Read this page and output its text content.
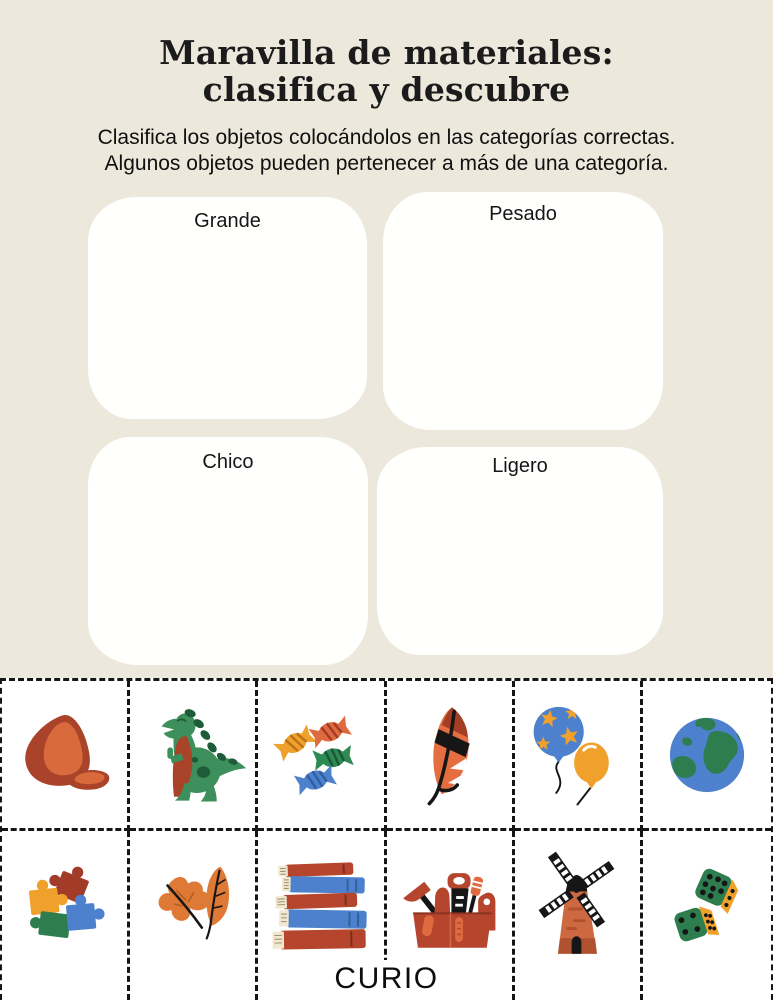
Maravilla de materiales:
clasifica y descubre
Clasifica los objetos colocándolos en las categorías correctas.
Algunos objetos pueden pertenecer a más de una categoría.
Grande	Pesado
Chico	Ligero
CURIO
